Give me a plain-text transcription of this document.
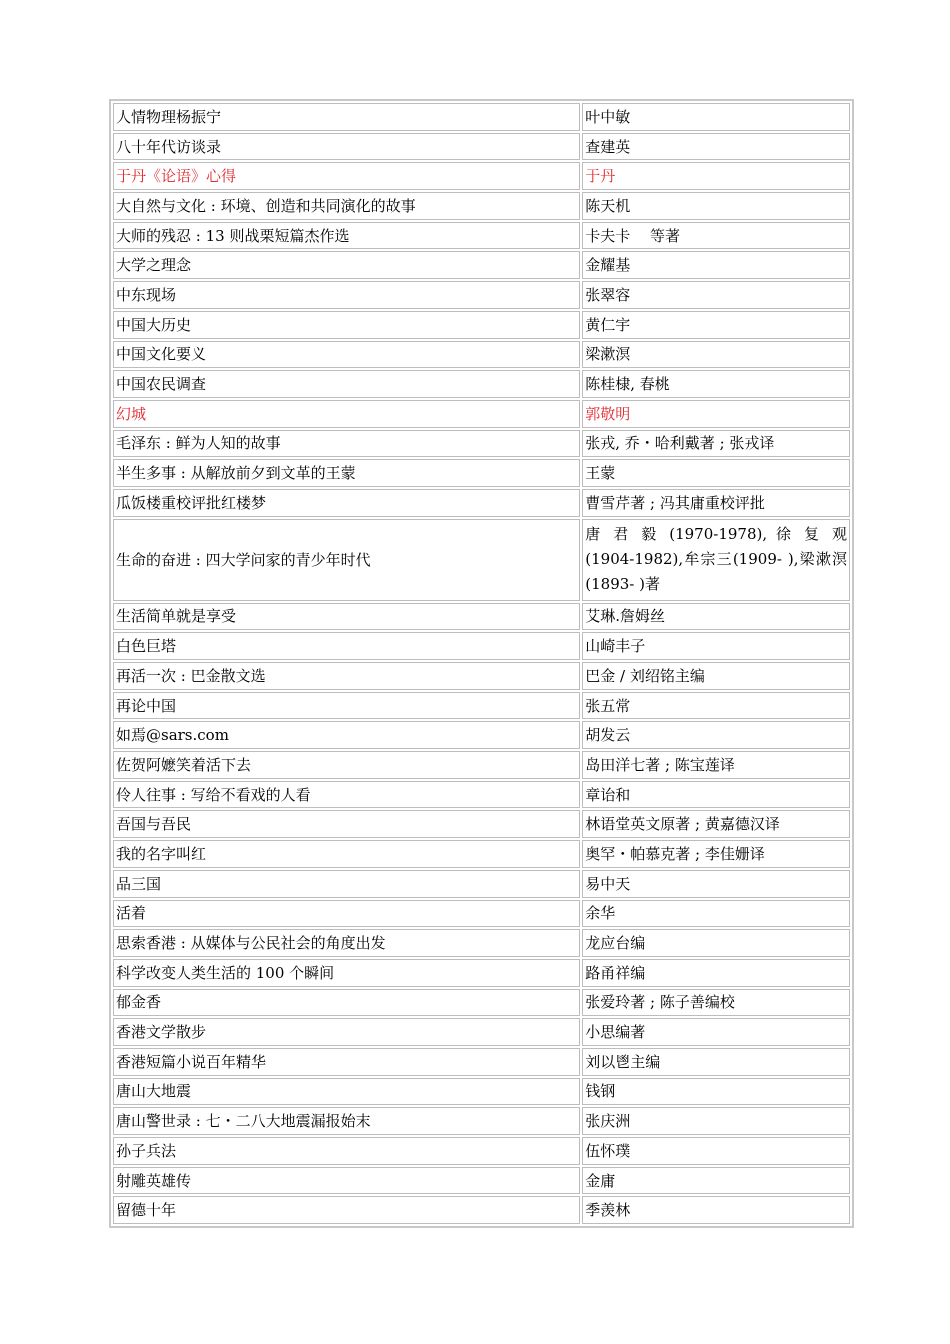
人情物理杨振宁	叶中敏
八十年代访谈录	查建英
于丹《论语》心得	于丹
大自然与文化 : 环境、创造和共同演化的故事	陈天机
大师的残忍 : 13 则战栗短篇杰作选	卡夫卡　 等著
大学之理念	金耀基
中东现场	张翠容
中国大历史	黄仁宇
中国文化要义	梁漱溟
中国农民调查	陈桂棣, 春桃
幻城	郭敬明
毛泽东 : 鲜为人知的故事	张戎, 乔・哈利戴著 ; 张戎译
半生多事 : 从解放前夕到文革的王蒙	王蒙
瓜饭楼重校评批红楼梦	曹雪芹著 ; 冯其庸重校评批
生命的奋进 : 四大学问家的青少年时代	唐 君 毅 (1970-1978), 徐 复 观 (1904-1982),牟宗三(1909- ),梁漱溟(1893- )著
生活简单就是享受	艾琳.詹姆丝
白色巨塔	山崎丰子
再活一次 : 巴金散文选	巴金 / 刘绍铭主编
再论中国	张五常
如焉@sars.com	胡发云
佐贺阿嬷笑着活下去	岛田洋七著 ; 陈宝莲译
伶人往事 : 写给不看戏的人看	章诒和
吾国与吾民	林语堂英文原著 ; 黄嘉德汉译
我的名字叫红	奥罕・帕慕克著 ; 李佳姗译
品三国	易中天
活着	余华
思索香港 : 从媒体与公民社会的角度出发	龙应台编
科学改变人类生活的 100 个瞬间	路甬祥编
郁金香	张爱玲著 ; 陈子善编校
香港文学散步	小思编著
香港短篇小说百年精华	刘以鬯主编
唐山大地震	钱钢
唐山警世录 : 七・二八大地震漏报始末	张庆洲
孙子兵法	伍怀璞
射雕英雄传	金庸
留德十年	季羡林
